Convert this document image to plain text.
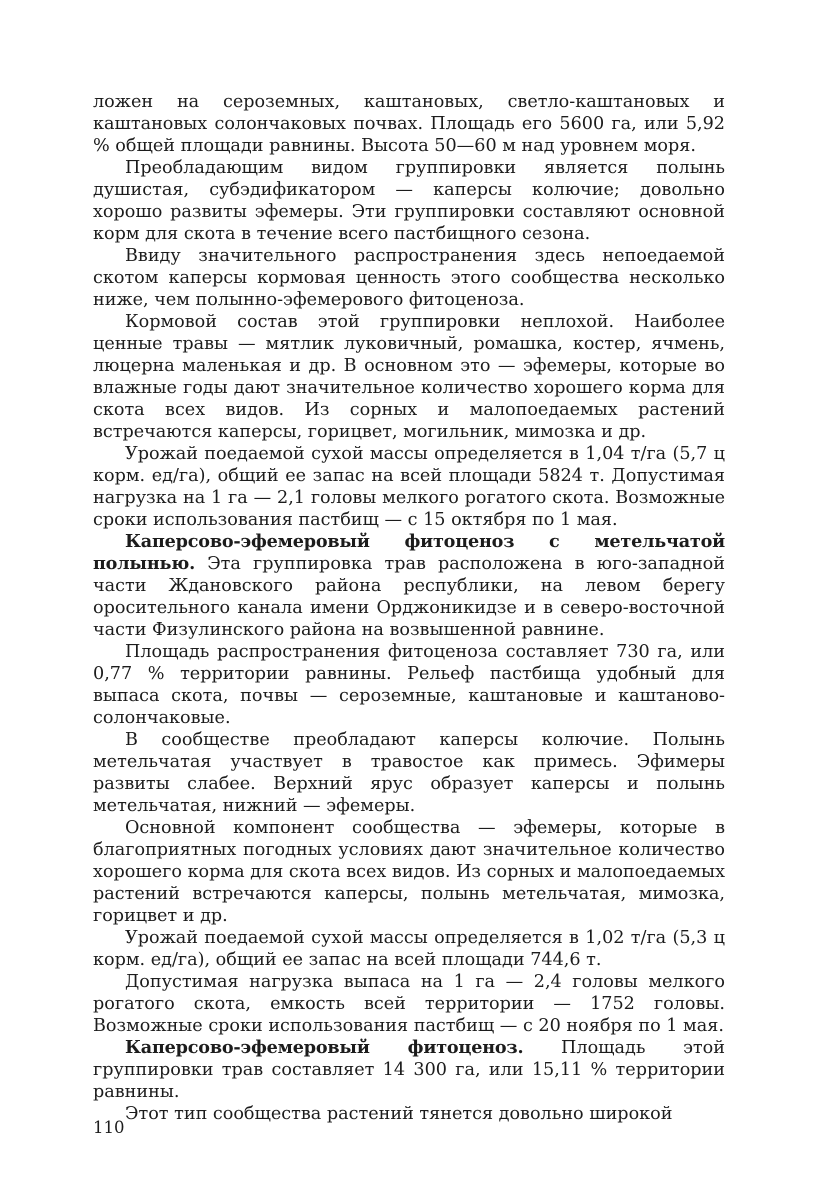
ложен на сероземных, каштановых, светло-каштановых и каштановых солончаковых почвах. Площадь его 5600 га, или 5,92 % общей площади равнины. Высота 50—60 м над уровнем моря.

Преобладающим видом группировки является полынь душистая, субэдификатором — каперсы колючие; довольно хорошо развиты эфемеры. Эти группировки составляют основной корм для скота в течение всего пастбищного сезона.

Ввиду значительного распространения здесь непоедаемой скотом каперсы кормовая ценность этого сообщества несколько ниже, чем полынно-эфемерового фитоценоза.

Кормовой состав этой группировки неплохой. Наиболее ценные травы — мятлик луковичный, ромашка, костер, ячмень, люцерна маленькая и др. В основном это — эфемеры, которые во влажные годы дают значительное количество хорошего корма для скота всех видов. Из сорных и малопоедаемых растений встречаются каперсы, горицвет, могильник, мимозка и др.

Урожай поедаемой сухой массы определяется в 1,04 т/га (5,7 ц корм. ед/га), общий ее запас на всей площади 5824 т. Допустимая нагрузка на 1 га — 2,1 головы мелкого рогатого скота. Возможные сроки использования пастбищ — с 15 октября по 1 мая.

Каперсово-эфемеровый фитоценоз с метельчатой полынью. Эта группировка трав расположена в юго-западной части Ждановского района республики, на левом берегу оросительного канала имени Орджоникидзе и в северо-восточной части Физулинского района на возвышенной равнине.

Площадь распространения фитоценоза составляет 730 га, или 0,77 % территории равнины. Рельеф пастбища удобный для выпаса скота, почвы — сероземные, каштановые и каштаново-солончаковые.

В сообществе преобладают каперсы колючие. Полынь метельчатая участвует в травостое как примесь. Эфимеры развиты слабее. Верхний ярус образует каперсы и полынь метельчатая, нижний — эфемеры.

Основной компонент сообщества — эфемеры, которые в благоприятных погодных условиях дают значительное количество хорошего корма для скота всех видов. Из сорных и малопоедаемых растений встречаются каперсы, полынь метельчатая, мимозка, горицвет и др.

Урожай поедаемой сухой массы определяется в 1,02 т/га (5,3 ц корм. ед/га), общий ее запас на всей площади 744,6 т.

Допустимая нагрузка выпаса на 1 га — 2,4 головы мелкого рогатого скота, емкость всей территории — 1752 головы. Возможные сроки использования пастбищ — с 20 ноября по 1 мая.

Каперсово-эфемеровый фитоценоз. Площадь этой группировки трав составляет 14 300 га, или 15,11 % территории равнины.

Этот тип сообщества растений тянется довольно широкой

110
